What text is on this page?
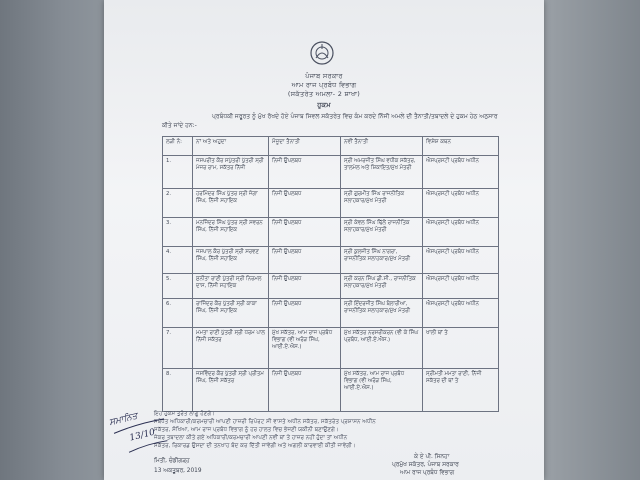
ਪੰਜਾਬ ਸਰਕਾਰ
ਆਮ ਰਾਜ ਪ੍ਰਬੰਧ ਵਿਭਾਗ
(ਸਕੱਤਰੇਤ ਅਮਲਾ- 2 ਸ਼ਾਖਾ)
ਹੁਕਮ
ਪ੍ਰਬੰਧਕੀ ਜਰੂਰਤ ਨੂੰ ਮੁੱਖ ਰੱਖਦੇ ਹੋਏ ਪੰਜਾਬ ਸਿਵਲ ਸਕੱਤਰੇਤ ਵਿਚ ਕੰਮ ਕਰਦੇ ਨਿੱਜੀ ਅਮਲੇ ਦੀ ਤੈਨਾਤੀ/ਤਬਾਦਲੇ ਦੇ ਹੁਕਮ ਹੇਠ ਅਨੁਸਾਰ ਕੀਤੇ ਜਾਂਦੇ ਹਨ:-
ਲੜੀ ਨੰ:	ਨਾਂ ਅਤੇ ਅਹੁਦਾ	ਮੌਜੂਦਾ ਤੈਨਾਤੀ	ਨਵੀਂ ਤੈਨਾਤੀ	ਵਿਸ਼ੇਸ਼ ਕਥਨ
1.	ਜਸਪਰੀਤ ਕੌਰ ਸਪੁੱਤਰੀ ਪੁੱਤਰੀ ਸ੍ਰੀ ਮੇਜਰ ਰਾਮ, ਸਕੱਤਰ ਨਿੱਜੀ	ਨਿਜੀ ਉਪਲਬਧ	ਸ੍ਰੀ ਅਮਰਜੀਤ ਸਿੰਘ ਵਧੀਕ ਸਕੱਤਰ, ਤਾਲਮੇਲ ਅਤੇ ਸ਼ਿਕਾਇਤ/ਮੁੱਖ ਮੰਤਰੀ	ਐਸਪ੍ਰਸਟੀ ਪ੍ਰਬੰਧ ਅਧੀਨ
2.	ਹਰਮਿੰਦਰ ਸਿੰਘ ਪੁੱਤਰ ਸ੍ਰੀ ਜੋਗਾ ਸਿੰਘ, ਨਿੱਜੀ ਸਹਾਇਕ	ਨਿਜੀ ਉਪਲਬਧ	ਸ੍ਰੀ ਗੁਰਮੀਤ ਸਿੰਘ ਰਾਜਨੀਤਿਕ ਸਲਾਹਕਾਰ/ਮੁੱਖ ਮੰਤਰੀ	ਐਸਪ੍ਰਸਟੀ ਪ੍ਰਬੰਧ ਅਧੀਨ
3.	ਮਨਜਿੰਦਰ ਸਿੰਘ ਪੁੱਤਰ ਸ੍ਰੀ ਸਵਰਨ ਸਿੰਘ, ਨਿੱਜੀ ਸਹਾਇਕ	ਨਿਜੀ ਉਪਲਬਧ	ਸ੍ਰੀ ਕੇਵਲ ਸਿੰਘ ਢਿੱਲੋਂ ਰਾਜਨੀਤਿਕ ਸਲਾਹਕਾਰ/ਮੁੱਖ ਮੰਤਰੀ	ਐਸਪ੍ਰਸਟੀ ਪ੍ਰਬੰਧ ਅਧੀਨ
4.	ਜਸਪਾਲ ਕੌਰ ਪੁੱਤਰੀ ਸ੍ਰੀ ਸਰਵਣ ਸਿੰਘ, ਨਿੱਜੀ ਸਹਾਇਕ	ਨਿਜੀ ਉਪਲਬਧ	ਸ੍ਰੀ ਕੁਲਜੀਤ ਸਿੰਘ ਨਾਗਰਾ, ਰਾਜਨੀਤਿਕ ਸਲਾਹਕਾਰ/ਮੁੱਖ ਮੰਤਰੀ	ਐਸਪ੍ਰਸਟੀ ਪ੍ਰਬੰਧ ਅਧੀਨ
5.	ਸੁਨੀਤਾ ਰਾਣੀ ਪੁੱਤਰੀ ਸ੍ਰੀ ਨਿਰਮਲ ਦਾਸ, ਨਿੱਜੀ ਸਹਾਇਕ	ਨਿਜੀ ਉਪਲਬਧ	ਸ੍ਰੀ ਕਰਨ ਸਿੰਘ ਡੀ.ਸੀ., ਰਾਜਨੀਤਿਕ ਸਲਾਹਕਾਰ/ਮੁੱਖ ਮੰਤਰੀ	ਐਸਪ੍ਰਸਟੀ ਪ੍ਰਬੰਧ ਅਧੀਨ
6.	ਰਾਜਿੰਦਰ ਕੌਰ ਪੁੱਤਰੀ ਸ੍ਰੀ ਕਾਕਾ ਸਿੰਘ, ਨਿੱਜੀ ਸਹਾਇਕ	ਨਿਜੀ ਉਪਲਬਧ	ਸ੍ਰੀ ਇੰਦਰਜੀਤ ਸਿੰਘ ਬੋਲਾਰੀਆ, ਰਾਜਨੀਤਿਕ ਸਲਾਹਕਾਰ/ਮੁੱਖ ਮੰਤਰੀ	ਐਸਪ੍ਰਸਟੀ ਪ੍ਰਬੰਧ ਅਧੀਨ
7.	ਮਮਤਾ ਰਾਣੀ ਪੁੱਤਰੀ ਸ੍ਰੀ ਧਰਮ ਪਾਲ ਨਿੱਜੀ ਸਕੱਤਰ	ਮੁੱਖ ਸਕੱਤਰ, ਆਮ ਰਾਜ ਪ੍ਰਬੰਧ ਵਿਭਾਗ (ਵੀ ਅਰੋੜ ਸਿੰਘ, ਆਈ.ਏ.ਐਸ.)	ਮੁੱਖ ਸਕੱਤਰ ਨਰਸਰੀਕਰਨ (ਵੀ ਕੇ ਸਿੰਘ ਪ੍ਰਬੰਧ, ਆਈ.ਏ.ਐਸ.)	ਖਾਲੀ ਥਾਂ ਤੇ
8.	ਜਸਵਿੰਦਰ ਕੌਰ ਪੁੱਤਰੀ ਸ੍ਰੀ ਪ੍ਰੀਤਮ ਸਿੰਘ, ਨਿੱਜੀ ਸਕੱਤਰ	ਨਿਜੀ ਉਪਲਬਧ	ਮੁੱਖ ਸਕੱਤਰ, ਆਮ ਰਾਜ ਪ੍ਰਬੰਧ ਵਿਭਾਗ (ਵੀ ਅਰੋੜ ਸਿੰਘ, ਆਈ.ਏ.ਐਸ.)	ਸ੍ਰੀਮਤੀ ਮਮਤਾ ਰਾਣੀ, ਨਿੱਜੀ ਸਕੱਤਰ ਦੀ ਥਾਂ ਤੇ
ਇਹ ਹੁਕਮ ਤੁਰੰਤ ਲਾਗੂ ਹੋਣਗੇ।
ਸਬੰਧਤ ਅਧਿਕਾਰੀ/ਕਰਮਚਾਰੀ ਆਪਣੀ ਹਾਜ਼ਰੀ ਰਿਪੋਰਟ ਸੀ ਵਾਸਤੇ ਅਧੀਨ ਸਕੱਤਰ, ਸਕੱਤਰੇਤ ਪ੍ਰਸ਼ਾਸਨ ਅਧੀਨ
ਸਕੱਤਰ, ਸੰਖਿਆ, ਆਮ ਰਾਜ ਪ੍ਰਬੰਧ ਵਿਭਾਗ ਨੂੰ ਹਰ ਹਾਲਤ ਵਿਚ ਭੇਜਣੀ ਯਕੀਨੀ ਬਣਾਉਣਗੇ।
ਜੇਕਰ ਤਬਾਦਲਾ ਕੀਤੇ ਗਏ ਅਧਿਕਾਰੀ/ਕਰਮਚਾਰੀ ਆਪਣੀ ਨਵੀਂ ਥਾਂ ਤੇ ਹਾਜ਼ਰ ਨਹੀਂ ਹੁੰਦਾ ਤਾਂ ਅਧੀਨ
ਸਕੱਤਰ, ਰਿਕਾਰਡ ਉਸਦਾ ਦੀ ਤਨਖਾਹ ਬੰਦ ਕਰ ਦਿੱਤੀ ਜਾਵੇਗੀ ਅਤੇ ਅਗਲੀ ਕਾਰਵਾਈ ਕੀਤੀ ਜਾਵੇਗੀ।
ਮਿਤੀ, ਚੰਡੀਗੜ੍ਹ
13 ਅਕਤੂਬਰ, 2019
ਕੇ ਏ ਪੀ. ਸਿਨਹਾ
ਪ੍ਰਮੁੱਖ ਸਕੱਤਰ, ਪੰਜਾਬ ਸਰਕਾਰ
ਆਮ ਰਾਜ ਪ੍ਰਬੰਧ ਵਿਭਾਗ
ਸਮਾਨਿਤ
13/10
